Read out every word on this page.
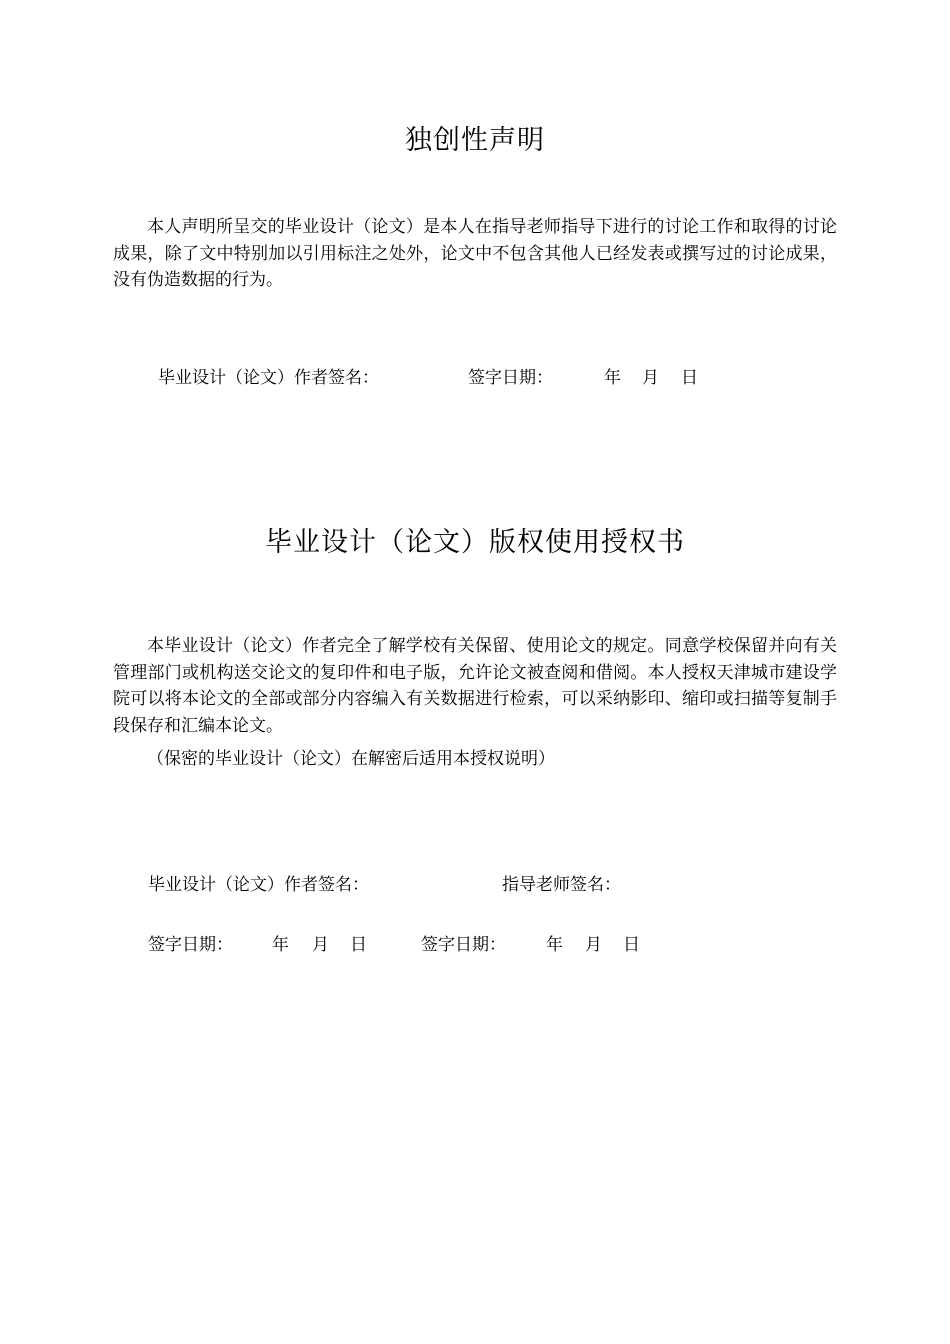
独创性声明

本人声明所呈交的毕业设计（论文）是本人在指导老师指导下进行的讨论工作和取得的讨论成果，除了文中特别加以引用标注之处外，论文中不包含其他人已经发表或撰写过的讨论成果，没有伪造数据的行为。

毕业设计（论文）作者签名：	签字日期：	年 月 日
毕业设计（论文）版权使用授权书

本毕业设计（论文）作者完全了解学校有关保留、使用论文的规定。同意学校保留并向有关管理部门或机构送交论文的复印件和电子版，允许论文被查阅和借阅。本人授权天津城市建设学院可以将本论文的全部或部分内容编入有关数据进行检索，可以采纳影印、缩印或扫描等复制手段保存和汇编本论文。

（保密的毕业设计（论文）在解密后适用本授权说明）

毕业设计（论文）作者签名：	指导老师签名：
签字日期： 年 月 日	签字日期： 年 月 日
